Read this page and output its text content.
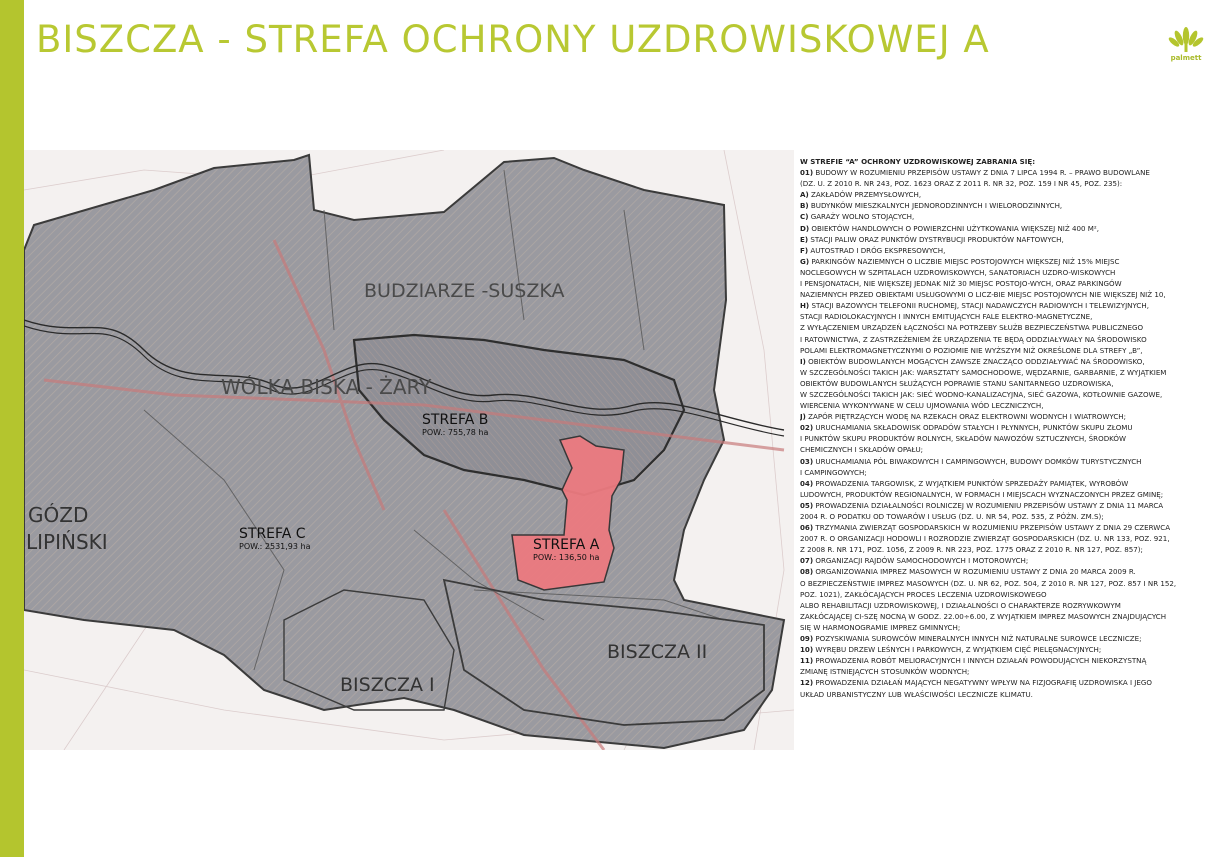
BISZCZA - STREFA OCHRONY UZDROWISKOWEJ A	palmett
BUDZIARZE -SUSZKA
WÓLKA BISKA - ŻARY
GÓZD
LIPIŃSKI
BISZCZA I
BISZCZA II
STREFA B
POW.: 755,78 ha
STREFA C
POW.: 2531,93 ha	STREFA A
POW.: 136,50 ha
W STREFIE “A” OCHRONY UZDROWISKOWEJ ZABRANIA SIĘ:
01) BUDOWY W ROZUMIENIU PRZEPISÓW USTAWY Z DNIA 7 LIPCA 1994 R. – PRAWO BUDOWLANE
(DZ. U. Z 2010 R. NR 243, POZ. 1623 ORAZ Z 2011 R. NR 32, POZ. 159 I NR 45, POZ. 235):
A) ZAKŁADÓW PRZEMYSŁOWYCH,
B) BUDYNKÓW MIESZKALNYCH JEDNORODZINNYCH I WIELORODZINNYCH,
C) GARAŻY WOLNO STOJĄCYCH,
D) OBIEKTÓW HANDLOWYCH O POWIERZCHNI UŻYTKOWANIA WIĘKSZEJ NIŻ 400 M²,
E) STACJI PALIW ORAZ PUNKTÓW DYSTRYBUCJI PRODUKTÓW NAFTOWYCH,
F) AUTOSTRAD I DRÓG EKSPRESOWYCH,
G) PARKINGÓW NAZIEMNYCH O LICZBIE MIEJSC POSTOJOWYCH WIĘKSZEJ NIŻ 15% MIEJSC
NOCLEGOWYCH W SZPITALACH UZDROWISKOWYCH, SANATORIACH UZDRO-WISKOWYCH
I PENSJONATACH, NIE WIĘKSZEJ JEDNAK NIŻ 30 MIEJSC POSTOJO-WYCH, ORAZ PARKINGÓW
NAZIEMNYCH PRZED OBIEKTAMI USŁUGOWYMI O LICZ-BIE MIEJSC POSTOJOWYCH NIE WIĘKSZEJ NIŻ 10,
H) STACJI BAZOWYCH TELEFONII RUCHOMEJ, STACJI NADAWCZYCH RADIOWYCH I TELEWIZYJNYCH,
STACJI RADIOLOKACYJNYCH I INNYCH EMITUJĄCYCH FALE ELEKTRO-MAGNETYCZNE,
Z WYŁĄCZENIEM URZĄDZEŃ ŁĄCZNOŚCI NA POTRZEBY SŁUŻB BEZPIECZEŃSTWA PUBLICZNEGO
I RATOWNICTWA, Z ZASTRZEŻENIEM ŻE URZĄDZENIA TE BĘDĄ ODDZIAŁYWAŁY NA ŚRODOWISKO
POLAMI ELEKTROMAGNETYCZNYMI O POZIOMIE NIE WYŻSZYM NIŻ OKREŚLONE DLA STREFY „B”,
I) OBIEKTÓW BUDOWLANYCH MOGĄCYCH ZAWSZE ZNACZĄCO ODDZIAŁYWAĆ NA ŚRODOWISKO,
W SZCZEGÓLNOŚCI TAKICH JAK: WARSZTATY SAMOCHODOWE, WĘDZARNIE, GARBARNIE, Z WYJĄTKIEM
OBIEKTÓW BUDOWLANYCH SŁUŻĄCYCH POPRAWIE STANU SANITARNEGO UZDROWISKA,
W SZCZEGÓLNOŚCI TAKICH JAK: SIEĆ WODNO-KANALIZACYJNA, SIEĆ GAZOWA, KOTŁOWNIE GAZOWE,
WIERCENIA WYKONYWANE W CELU UJMOWANIA WÓD LECZNICZYCH,
J) ZAPÓR PIĘTRZĄCYCH WODĘ NA RZEKACH ORAZ ELEKTROWNI WODNYCH I WIATROWYCH;
02) URUCHAMIANIA SKŁADOWISK ODPADÓW STAŁYCH I PŁYNNYCH, PUNKTÓW SKUPU ZŁOMU
I PUNKTÓW SKUPU PRODUKTÓW ROLNYCH, SKŁADÓW NAWOZÓW SZTUCZNYCH, ŚRODKÓW
CHEMICZNYCH I SKŁADÓW OPAŁU;
03) URUCHAMIANIA PÓL BIWAKOWYCH I CAMPINGOWYCH, BUDOWY DOMKÓW TURYSTYCZNYCH
I CAMPINGOWYCH;
04) PROWADZENIA TARGOWISK, Z WYJĄTKIEM PUNKTÓW SPRZEDAŻY PAMIĄTEK, WYROBÓW
LUDOWYCH, PRODUKTÓW REGIONALNYCH, W FORMACH I MIEJSCACH WYZNACZONYCH PRZEZ GMINĘ;
05) PROWADZENIA DZIAŁALNOŚCI ROLNICZEJ W ROZUMIENIU PRZEPISÓW USTAWY Z DNIA 11 MARCA
2004 R. O PODATKU OD TOWARÓW I USŁUG (DZ. U. NR 54, POZ. 535, Z PÓŹN. ZM.S);
06) TRZYMANIA ZWIERZĄT GOSPODARSKICH W ROZUMIENIU PRZEPISÓW USTAWY Z DNIA 29 CZERWCA
2007 R. O ORGANIZACJI HODOWLI I ROZRODZIE ZWIERZĄT GOSPODARSKICH (DZ. U. NR 133, POZ. 921,
Z 2008 R. NR 171, POZ. 1056, Z 2009 R. NR 223, POZ. 1775 ORAZ Z 2010 R. NR 127, POZ. 857);
07) ORGANIZACJI RAJDÓW SAMOCHODOWYCH I MOTOROWYCH;
08) ORGANIZOWANIA IMPREZ MASOWYCH W ROZUMIENIU USTAWY Z DNIA 20 MARCA 2009 R.
O BEZPIECZEŃSTWIE IMPREZ MASOWYCH (DZ. U. NR 62, POZ. 504, Z 2010 R. NR 127, POZ. 857 I NR 152,
POZ. 1021), ZAKŁÓCAJĄCYCH PROCES LECZENIA UZDROWISKOWEGO
ALBO REHABILITACJI UZDROWISKOWEJ, I DZIAŁALNOŚCI O CHARAKTERZE ROZRYWKOWYM
ZAKŁÓCAJĄCEJ CI-SZĘ NOCNĄ W GODZ. 22.00÷6.00, Z WYJĄTKIEM IMPREZ MASOWYCH ZNAJDUJĄCYCH
SIĘ W HARMONOGRAMIE IMPREZ GMINNYCH;
09) POZYSKIWANIA SUROWCÓW MINERALNYCH INNYCH NIŻ NATURALNE SUROWCE LECZNICZE;
10) WYRĘBU DRZEW LEŚNYCH I PARKOWYCH, Z WYJĄTKIEM CIĘĆ PIELĘGNACYJNYCH;
11) PROWADZENIA ROBÓT MELIORACYJNYCH I INNYCH DZIAŁAŃ POWODUJĄCYCH NIEKORZYSTNĄ
ZMIANĘ ISTNIEJĄCYCH STOSUNKÓW WODNYCH;
12) PROWADZENIA DZIAŁAŃ MAJĄCYCH NEGATYWNY WPŁYW NA FIZJOGRAFIĘ UZDROWISKA I JEGO
UKŁAD URBANISTYCZNY LUB WŁAŚCIWOŚCI LECZNICZE KLIMATU.
